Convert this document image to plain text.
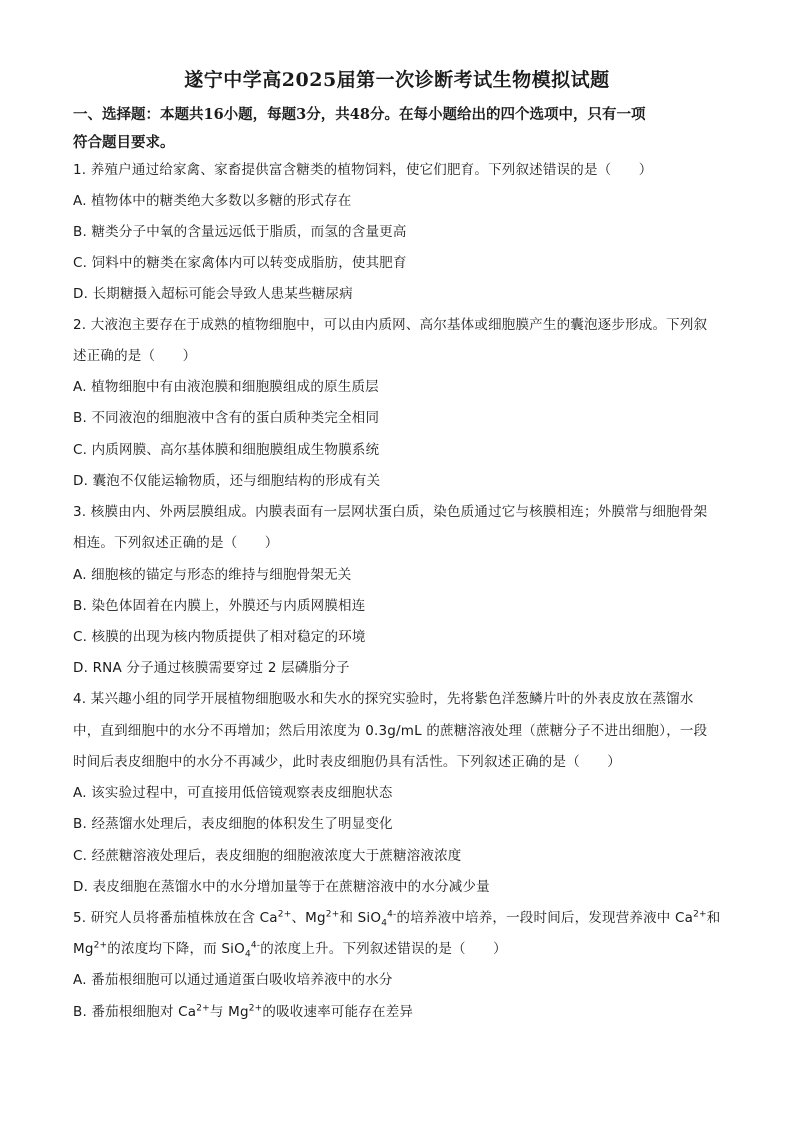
遂宁中学高2025届第一次诊断考试生物模拟试题
一、选择题：本题共16小题，每题3分，共48分。在每小题给出的四个选项中，只有一项
符合题目要求。
1. 养殖户通过给家禽、家畜提供富含糖类的植物饲料，使它们肥育。下列叙述错误的是（　　）
A. 植物体中的糖类绝大多数以多糖的形式存在
B. 糖类分子中氧的含量远远低于脂质，而氢的含量更高
C. 饲料中的糖类在家禽体内可以转变成脂肪，使其肥育
D. 长期糖摄入超标可能会导致人患某些糖尿病
2. 大液泡主要存在于成熟的植物细胞中，可以由内质网、高尔基体或细胞膜产生的囊泡逐步形成。下列叙
述正确的是（　　）
A. 植物细胞中有由液泡膜和细胞膜组成的原生质层
B. 不同液泡的细胞液中含有的蛋白质种类完全相同
C. 内质网膜、高尔基体膜和细胞膜组成生物膜系统
D. 囊泡不仅能运输物质，还与细胞结构的形成有关
3. 核膜由内、外两层膜组成。内膜表面有一层网状蛋白质，染色质通过它与核膜相连；外膜常与细胞骨架
相连。下列叙述正确的是（　　）
A. 细胞核的锚定与形态的维持与细胞骨架无关
B. 染色体固着在内膜上，外膜还与内质网膜相连
C. 核膜的出现为核内物质提供了相对稳定的环境
D. RNA 分子通过核膜需要穿过 2 层磷脂分子
4. 某兴趣小组的同学开展植物细胞吸水和失水的探究实验时，先将紫色洋葱鳞片叶的外表皮放在蒸馏水
中，直到细胞中的水分不再增加；然后用浓度为 0.3g/mL 的蔗糖溶液处理（蔗糖分子不进出细胞），一段
时间后表皮细胞中的水分不再减少，此时表皮细胞仍具有活性。下列叙述正确的是（　　）
A. 该实验过程中，可直接用低倍镜观察表皮细胞状态
B. 经蒸馏水处理后，表皮细胞的体积发生了明显变化
C. 经蔗糖溶液处理后，表皮细胞的细胞液浓度大于蔗糖溶液浓度
D. 表皮细胞在蒸馏水中的水分增加量等于在蔗糖溶液中的水分减少量
5. 研究人员将番茄植株放在含 $Ca^{2+}$、$Mg^{2+}$和 SiO$_4^{4-}$的培养液中培养，一段时间后，发现营养液中 $Ca^{2+}$和
$Mg^{2+}$的浓度均下降，而 SiO$_4^{4-}$的浓度上升。下列叙述错误的是（　　）
A. 番茄根细胞可以通过通道蛋白吸收培养液中的水分
B. 番茄根细胞对 $Ca^{2+}$与 $Mg^{2+}$的吸收速率可能存在差异
